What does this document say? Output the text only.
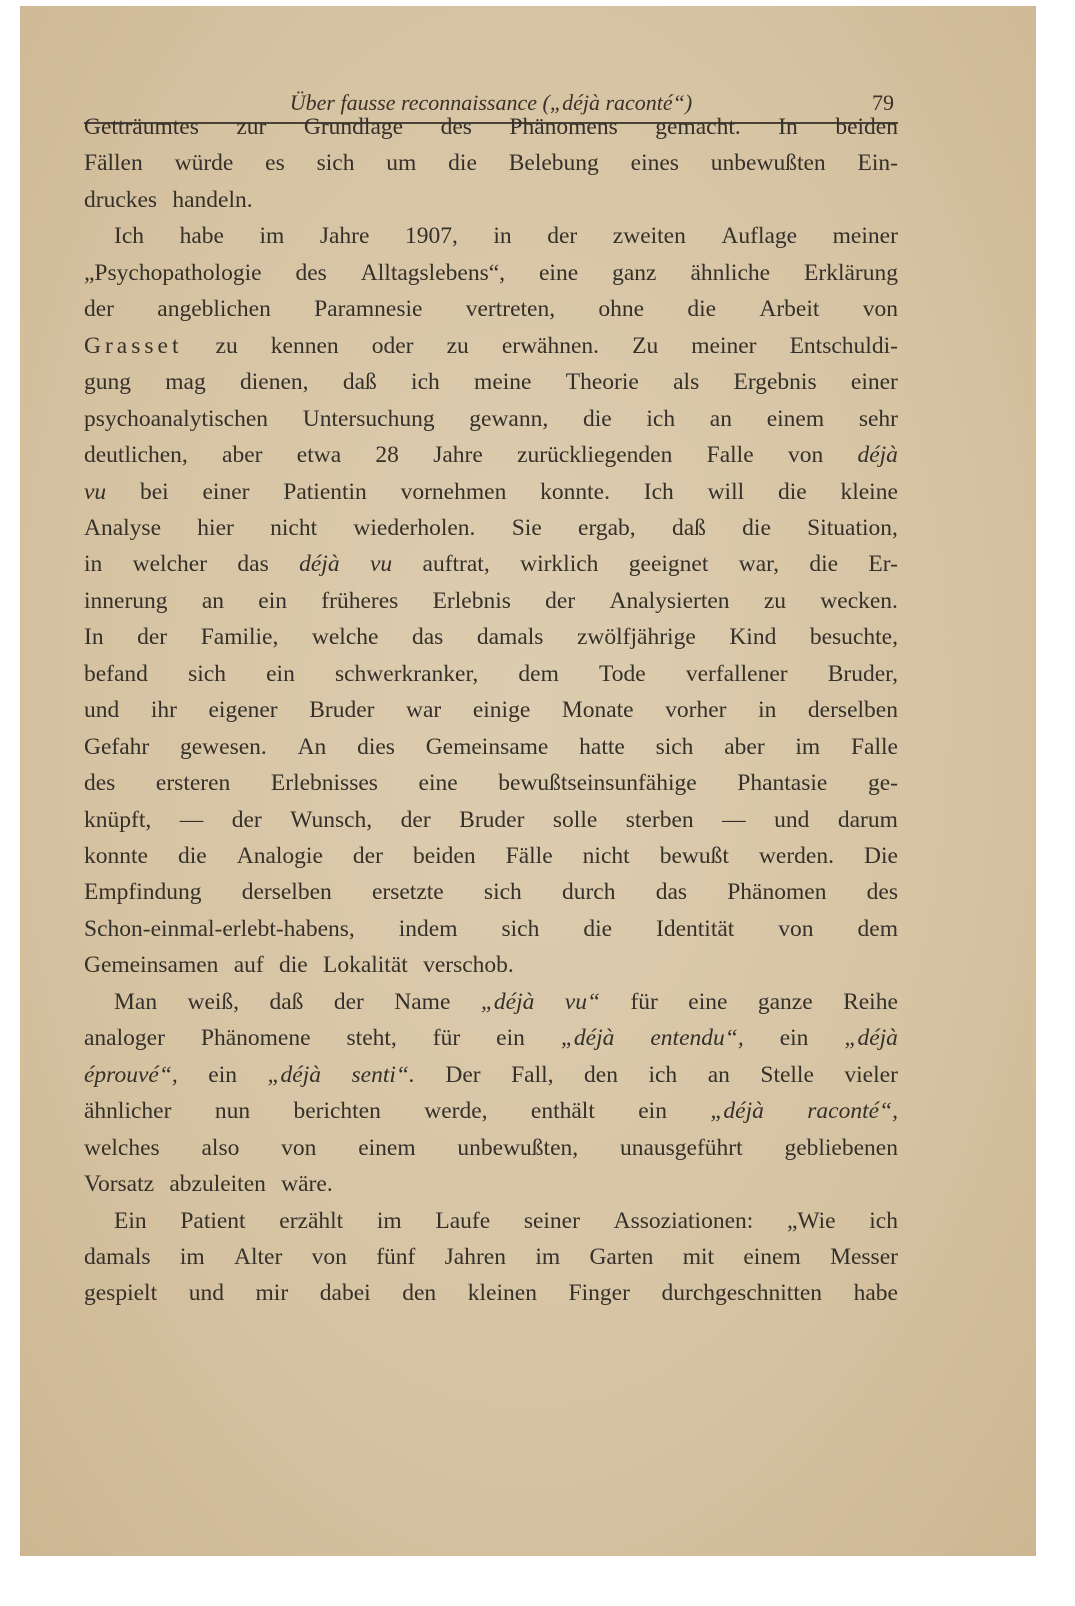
Über fausse reconnaissance („déjà raconté“)	79
Getträumtes zur Grundlage des Phänomens gemacht. In beiden
Fällen würde es sich um die Belebung eines unbewußten Ein-
druckes handeln.
Ich habe im Jahre 1907, in der zweiten Auflage meiner
„Psychopathologie des Alltagslebens“, eine ganz ähnliche Erklärung
der angeblichen Paramnesie vertreten, ohne die Arbeit von
Grasset zu kennen oder zu erwähnen. Zu meiner Entschuldi-
gung mag dienen, daß ich meine Theorie als Ergebnis einer
psychoanalytischen Untersuchung gewann, die ich an einem sehr
deutlichen, aber etwa 28 Jahre zurückliegenden Falle von déjà
vu bei einer Patientin vornehmen konnte. Ich will die kleine
Analyse hier nicht wiederholen. Sie ergab, daß die Situation,
in welcher das déjà vu auftrat, wirklich geeignet war, die Er-
innerung an ein früheres Erlebnis der Analysierten zu wecken.
In der Familie, welche das damals zwölfjährige Kind besuchte,
befand sich ein schwerkranker, dem Tode verfallener Bruder,
und ihr eigener Bruder war einige Monate vorher in derselben
Gefahr gewesen. An dies Gemeinsame hatte sich aber im Falle
des ersteren Erlebnisses eine bewußtseinsunfähige Phantasie ge-
knüpft, — der Wunsch, der Bruder solle sterben — und darum
konnte die Analogie der beiden Fälle nicht bewußt werden. Die
Empfindung derselben ersetzte sich durch das Phänomen des
Schon-einmal-erlebt-habens, indem sich die Identität von dem
Gemeinsamen auf die Lokalität verschob.
Man weiß, daß der Name „déjà vu“ für eine ganze Reihe
analoger Phänomene steht, für ein „déjà entendu“, ein „déjà
éprouvé“, ein „déjà senti“. Der Fall, den ich an Stelle vieler
ähnlicher nun berichten werde, enthält ein „déjà raconté“,
welches also von einem unbewußten, unausgeführt gebliebenen
Vorsatz abzuleiten wäre.
Ein Patient erzählt im Laufe seiner Assoziationen: „Wie ich
damals im Alter von fünf Jahren im Garten mit einem Messer
gespielt und mir dabei den kleinen Finger durchgeschnitten habe
